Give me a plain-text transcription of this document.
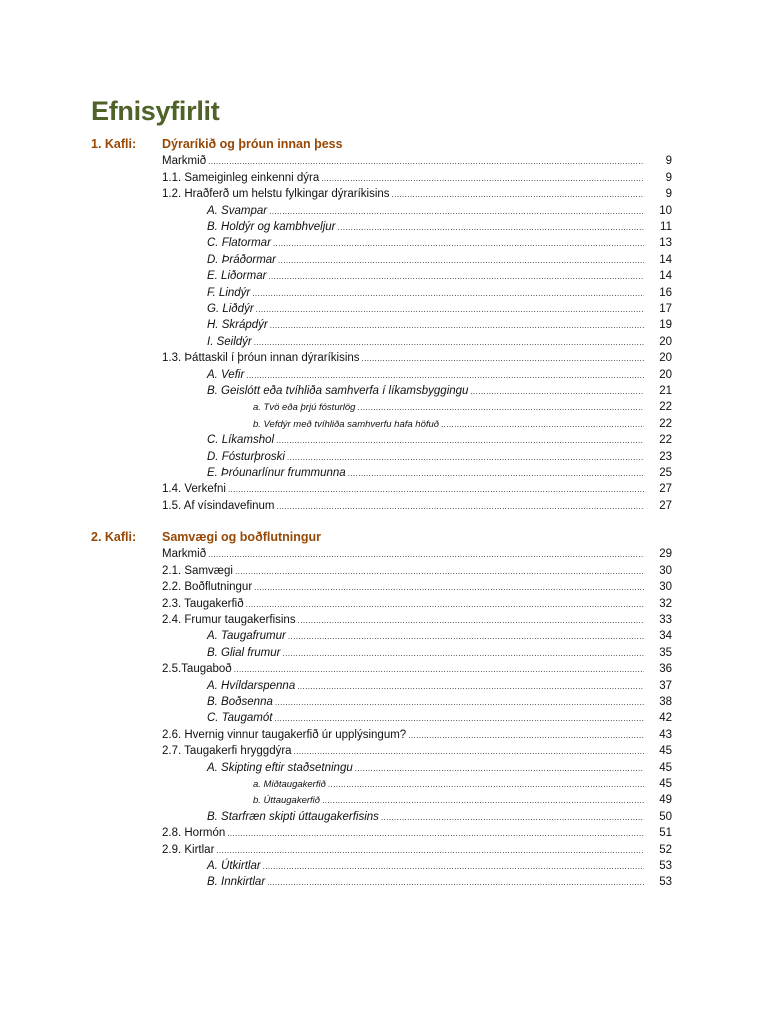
Efnisyfirlit
1. Kafli: Dýraríkið og þróun innan þess
Markmið .....	9
1.1. Sameiginleg einkenni dýra .....	9
1.2. Hraðferð um helstu fylkingar dýraríkisins .....	9
A. Svampar .....	10
B. Holdýr og kambhveljur .....	11
C. Flatormar .....	13
D. Þráðormar .....	14
E. Liðormar .....	14
F. Lindýr .....	16
G. Liðdýr .....	17
H. Skrápdýr .....	19
I. Seildýr .....	20
1.3. Þáttaskil í þróun innan dýraríkisins .....	20
A. Vefir .....	20
B. Geislótt eða tvíhliða samhverfa í líkamsbyggingu .....	21
a. Tvö eða þrjú fósturlög .....	22
b. Vefdýr með tvíhliða samhverfu hafa höfuð .....	22
C. Líkamshol .....	22
D. Fósturþroski .....	23
E. Þróunarlínur frummunna .....	25
1.4. Verkefni .....	27
1.5. Af vísindavefinum .....	27
2. Kafli: Samvægi og boðflutningur
Markmið .....	29
2.1. Samvægi .....	30
2.2. Boðflutningur .....	30
2.3. Taugakerfið .....	32
2.4. Frumur taugakerfisins .....	33
A. Taugafrumur .....	34
B. Glial frumur .....	35
2.5.Taugaboð .....	36
A. Hvíldarspenna .....	37
B. Boðsenna .....	38
C. Taugamót .....	42
2.6. Hvernig vinnur taugakerfið úr upplýsingum? .....	43
2.7. Taugakerfi hryggdýra .....	45
A. Skipting eftir staðsetningu .....	45
a. Miðtaugakerfið .....	45
b. Úttaugakerfið .....	49
B. Starfræn skipti úttaugakerfisins .....	50
2.8. Hormón .....	51
2.9. Kirtlar .....	52
A. Útkirtlar .....	53
B. Innkirtlar .....	53
